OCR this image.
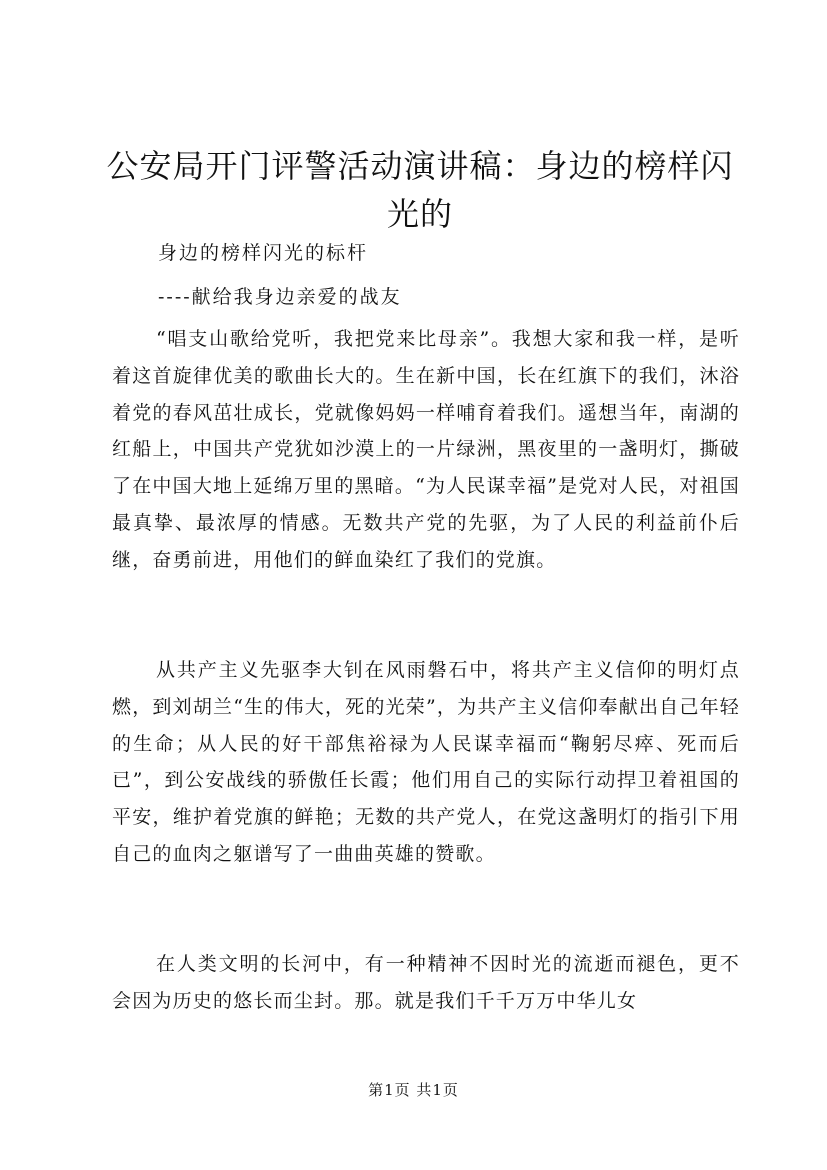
公安局开门评警活动演讲稿：身边的榜样闪光的

身边的榜样闪光的标杆

----献给我身边亲爱的战友

“唱支山歌给党听，我把党来比母亲”。我想大家和我一样，是听着这首旋律优美的歌曲长大的。生在新中国，长在红旗下的我们，沐浴着党的春风茁壮成长，党就像妈妈一样哺育着我们。遥想当年，南湖的红船上，中国共产党犹如沙漠上的一片绿洲，黑夜里的一盏明灯，撕破了在中国大地上延绵万里的黑暗。“为人民谋幸福”是党对人民，对祖国最真挚、最浓厚的情感。无数共产党的先驱，为了人民的利益前仆后继，奋勇前进，用他们的鲜血染红了我们的党旗。

从共产主义先驱李大钊在风雨磐石中，将共产主义信仰的明灯点燃，到刘胡兰“生的伟大，死的光荣”，为共产主义信仰奉献出自己年轻的生命；从人民的好干部焦裕禄为人民谋幸福而“鞠躬尽瘁、死而后已”，到公安战线的骄傲任长霞；他们用自己的实际行动捍卫着祖国的平安，维护着党旗的鲜艳；无数的共产党人，在党这盏明灯的指引下用自己的血肉之躯谱写了一曲曲英雄的赞歌。

在人类文明的长河中，有一种精神不因时光的流逝而褪色，更不会因为历史的悠长而尘封。那。就是我们千千万万中华儿女

第1页 共1页
